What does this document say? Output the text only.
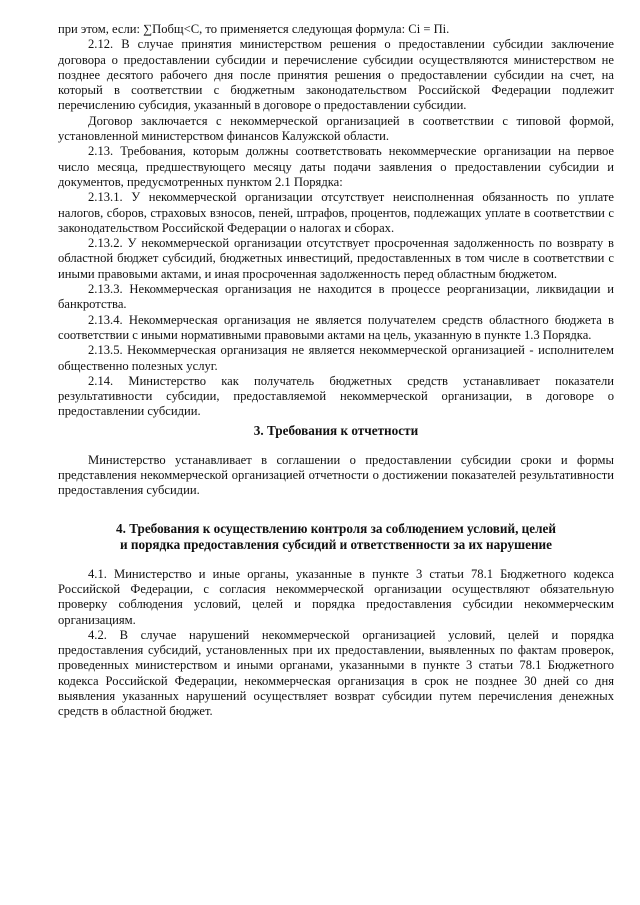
при этом, если: ∑Побщ<С, то применяется следующая формула: Сi = Пi.

2.12. В случае принятия министерством решения о предоставлении субсидии заключение договора о предоставлении субсидии и перечисление субсидии осуществляются министерством не позднее десятого рабочего дня после принятия решения о предоставлении субсидии на счет, на который в соответствии с бюджетным законодательством Российской Федерации подлежит перечислению субсидия, указанный в договоре о предоставлении субсидии.

Договор заключается с некоммерческой организацией в соответствии с типовой формой, установленной министерством финансов Калужской области.

2.13. Требования, которым должны соответствовать некоммерческие организации на первое число месяца, предшествующего месяцу даты подачи заявления о предоставлении субсидии и документов, предусмотренных пунктом 2.1 Порядка:

2.13.1. У некоммерческой организации отсутствует неисполненная обязанность по уплате налогов, сборов, страховых взносов, пеней, штрафов, процентов, подлежащих уплате в соответствии с законодательством Российской Федерации о налогах и сборах.

2.13.2. У некоммерческой организации отсутствует просроченная задолженность по возврату в областной бюджет субсидий, бюджетных инвестиций, предоставленных в том числе в соответствии с иными правовыми актами, и иная просроченная задолженность перед областным бюджетом.

2.13.3. Некоммерческая организация не находится в процессе реорганизации, ликвидации и банкротства.

2.13.4. Некоммерческая организация не является получателем средств областного бюджета в соответствии с иными нормативными правовыми актами на цель, указанную в пункте 1.3 Порядка.

2.13.5. Некоммерческая организация не является некоммерческой организацией - исполнителем общественно полезных услуг.

2.14. Министерство как получатель бюджетных средств устанавливает показатели результативности субсидии, предоставляемой некоммерческой организации, в договоре о предоставлении субсидии.

3. Требования к отчетности

Министерство устанавливает в соглашении о предоставлении субсидии сроки и формы представления некоммерческой организацией отчетности о достижении показателей результативности предоставления субсидии.

4. Требования к осуществлению контроля за соблюдением условий, целей
и порядка предоставления субсидий и ответственности за их нарушение

4.1. Министерство и иные органы, указанные в пункте 3 статьи 78.1 Бюджетного кодекса Российской Федерации, с согласия некоммерческой организации осуществляют обязательную проверку соблюдения условий, целей и порядка предоставления субсидии некоммерческим организациям.

4.2. В случае нарушений некоммерческой организацией условий, целей и порядка предоставления субсидий, установленных при их предоставлении, выявленных по фактам проверок, проведенных министерством и иными органами, указанными в пункте 3 статьи 78.1 Бюджетного кодекса Российской Федерации, некоммерческая организация в срок не позднее 30 дней со дня выявления указанных нарушений осуществляет возврат субсидии путем перечисления денежных средств в областной бюджет.
